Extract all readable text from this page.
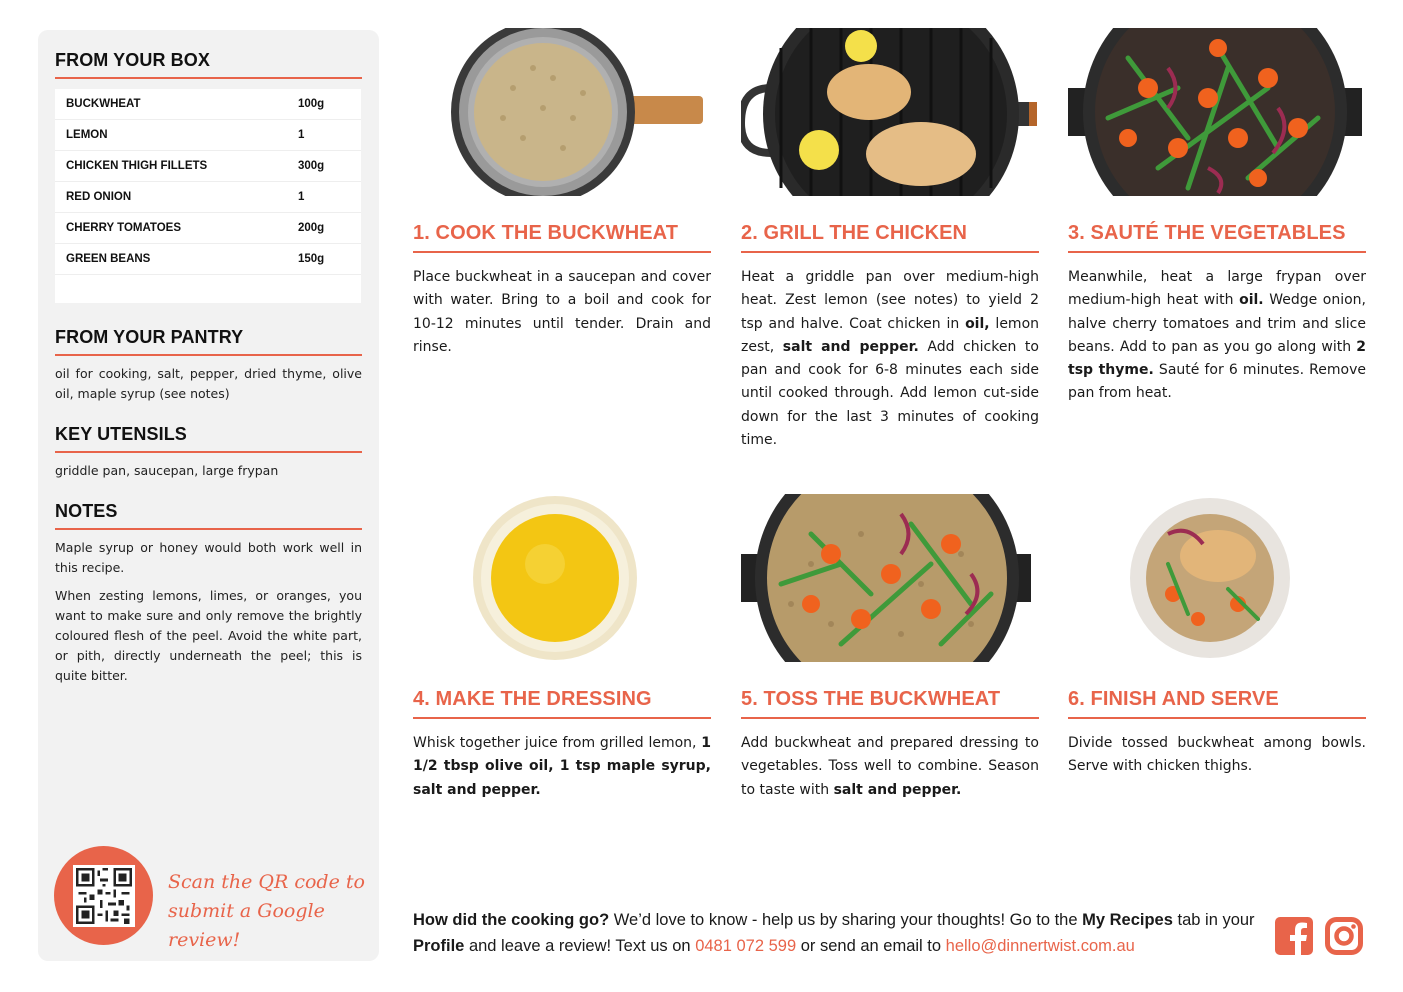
FROM YOUR BOX
BUCKWHEAT	100g
LEMON	1
CHICKEN THIGH FILLETS	300g
RED ONION	1
CHERRY TOMATOES	200g
GREEN BEANS	150g
FROM YOUR PANTRY
oil for cooking, salt, pepper, dried thyme, olive oil, maple syrup (see notes)
KEY UTENSILS
griddle pan, saucepan, large frypan
NOTES
Maple syrup or honey would both work well in this recipe.
When zesting lemons, limes, or oranges, you want to make sure and only remove the brightly coloured flesh of the peel. Avoid the white part, or pith, directly underneath the peel; this is quite bitter.
Scan the QR code to
submit a Google review!
1. COOK THE BUCKWHEAT
Place buckwheat in a saucepan and cover with water. Bring to a boil and cook for 10-12 minutes until tender. Drain and rinse.
2. GRILL THE CHICKEN
Heat a griddle pan over medium-high heat. Zest lemon (see notes) to yield 2 tsp and halve. Coat chicken in oil, lemon zest, salt and pepper. Add chicken to pan and cook for 6-8 minutes each side until cooked through. Add lemon cut-side down for the last 3 minutes of cooking time.
3. SAUTÉ THE VEGETABLES
Meanwhile, heat a large frypan over medium-high heat with oil. Wedge onion, halve cherry tomatoes and trim and slice beans. Add to pan as you go along with 2 tsp thyme. Sauté for 6 minutes. Remove pan from heat.
4. MAKE THE DRESSING
Whisk together juice from grilled lemon, 1 1/2 tbsp olive oil, 1 tsp maple syrup, salt and pepper.
5. TOSS THE BUCKWHEAT
Add buckwheat and prepared dressing to vegetables. Toss well to combine. Season to taste with salt and pepper.
6. FINISH AND SERVE
Divide tossed buckwheat among bowls. Serve with chicken thighs.
How did the cooking go? We’d love to know - help us by sharing your thoughts! Go to the My Recipes tab in your Profile and leave a review! Text us on 0481 072 599 or send an email to hello@dinnertwist.com.au
